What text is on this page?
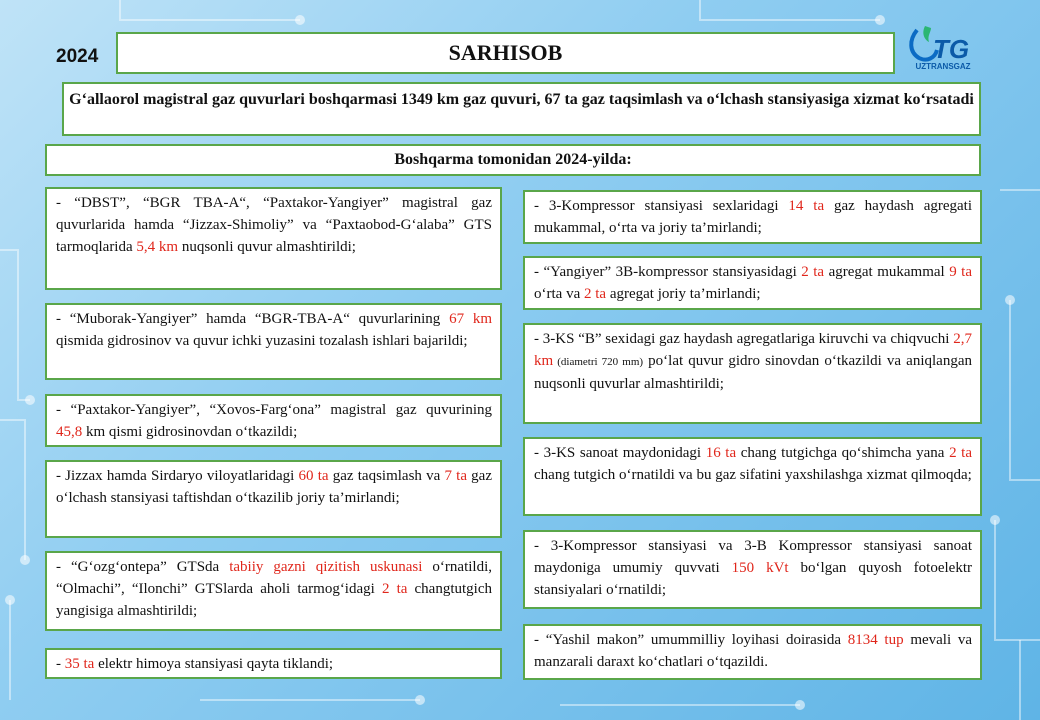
2024	SARHISOB	TG
UZTRANSGAZ
G‘allaorol magistral gaz quvurlari boshqarmasi 1349 km gaz quvuri, 67 ta gaz taqsimlash va o‘lchash stansiyasiga xizmat ko‘rsatadi
Boshqarma tomonidan 2024-yilda:
- “DBST”, “BGR TBA-A“, “Paxtakor-Yangiyer” magistral gaz quvurlarida hamda “Jizzax-Shimoliy” va “Paxtaobod-G‘alaba” GTS tarmoqlarida 5,4 km nuqsonli quvur almashtirildi;
- “Muborak-Yangiyer” hamda “BGR-TBA-A“ quvurlarining 67 km qismida gidrosinov va quvur ichki yuzasini tozalash ishlari bajarildi;
- “Paxtakor-Yangiyer”, “Xovos-Farg‘ona” magistral gaz quvurining 45,8 km qismi gidrosinovdan o‘tkazildi;
- Jizzax hamda Sirdaryo viloyatlaridagi 60 ta gaz taqsimlash va 7 ta gaz o‘lchash stansiyasi taftishdan o‘tkazilib joriy ta’mirlandi;
- “G‘ozg‘ontepa” GTSda tabiiy gazni qizitish uskunasi o‘rnatildi, “Olmachi”, “Ilonchi” GTSlarda aholi tarmog‘idagi 2 ta changtutgich yangisiga almashtirildi;
- 35 ta elektr himoya stansiyasi qayta tiklandi;
- 3-Kompressor stansiyasi sexlaridagi 14 ta gaz haydash agregati mukammal, o‘rta va joriy ta’mirlandi;
- “Yangiyer” 3B-kompressor stansiyasidagi 2 ta agregat mukammal 9 ta o‘rta va 2 ta agregat joriy ta’mirlandi;
- 3-KS “B” sexidagi gaz haydash agregatlariga kiruvchi va chiqvuchi 2,7 km (diametri 720 mm) po‘lat quvur gidro sinovdan o‘tkazildi va aniqlangan nuqsonli quvurlar almashtirildi;
- 3-KS sanoat maydonidagi 16 ta chang tutgichga qo‘shimcha yana 2 ta chang tutgich o‘rnatildi va bu gaz sifatini yaxshilashga xizmat qilmoqda;
- 3-Kompressor stansiyasi va 3-B Kompressor stansiyasi sanoat maydoniga umumiy quvvati 150 kVt bo‘lgan quyosh fotoelektr stansiyalari o‘rnatildi;
- “Yashil makon” umummilliy loyihasi doirasida 8134 tup mevali va manzarali daraxt ko‘chatlari o‘tqazildi.
